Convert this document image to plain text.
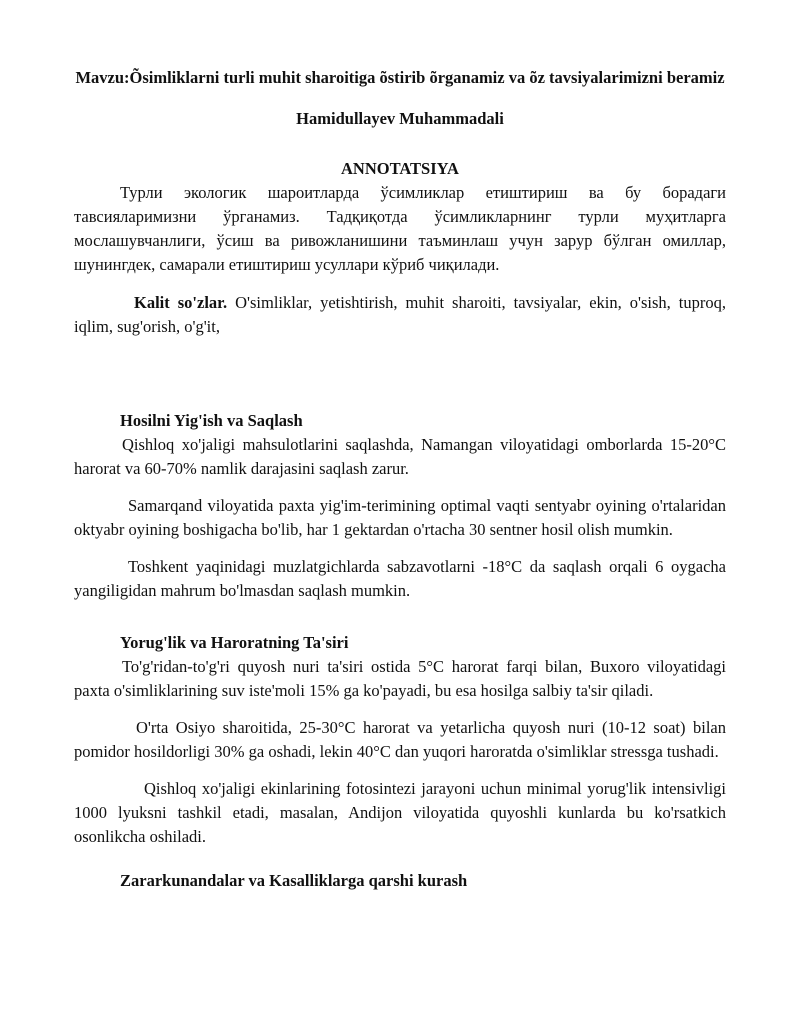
Mavzu:Õsimliklarni turli muhit sharoitiga õstirib õrganamiz va õz tavsiyalarimizni beramiz
Hamidullayev Muhammadali
ANNOTATSIYA

Турли экологик шароитларда ўсимликлар етиштириш ва бу борадаги тавсияларимизни ўрганамиз. Тадқиқотда ўсимликларнинг турли муҳитларга мослашувчанлиги, ўсиш ва ривожланишини таъминлаш учун зарур бўлган омиллар, шунингдек, самарали етиштириш усуллари кўриб чиқилади.

Kalit so'zlar. O'simliklar, yetishtirish, muhit sharoiti, tavsiyalar, ekin, o'sish, tuproq, iqlim, sug'orish, o'g'it,

Hosilni Yig'ish va Saqlash

Qishloq xo'jaligi mahsulotlarini saqlashda, Namangan viloyatidagi omborlarda 15-20°C harorat va 60-70% namlik darajasini saqlash zarur.

Samarqand viloyatida paxta yig'im-terimining optimal vaqti sentyabr oyining o'rtalaridan oktyabr oyining boshigacha bo'lib, har 1 gektardan o'rtacha 30 sentner hosil olish mumkin.

Toshkent yaqinidagi muzlatgichlarda sabzavotlarni -18°C da saqlash orqali 6 oygacha yangiligidan mahrum bo'lmasdan saqlash mumkin.

Yorug'lik va Haroratning Ta'siri

To'g'ridan-to'g'ri quyosh nuri ta'siri ostida 5°C harorat farqi bilan, Buxoro viloyatidagi paxta o'simliklarining suv iste'moli 15% ga ko'payadi, bu esa hosilga salbiy ta'sir qiladi.

O'rta Osiyo sharoitida, 25-30°C harorat va yetarlicha quyosh nuri (10-12 soat) bilan pomidor hosildorligi 30% ga oshadi, lekin 40°C dan yuqori haroratda o'simliklar stressga tushadi.

Qishloq xo'jaligi ekinlarining fotosintezi jarayoni uchun minimal yorug'lik intensivligi 1000 lyuksni tashkil etadi, masalan, Andijon viloyatida quyoshli kunlarda bu ko'rsatkich osonlikcha oshiladi.

Zararkunandalar va Kasalliklarga qarshi kurash
